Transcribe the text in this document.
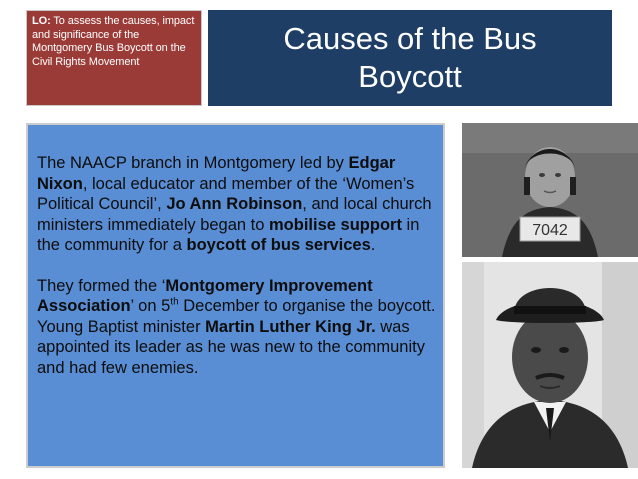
LO: To assess the causes, impact and significance of the Montgomery Bus Boycott on the Civil Rights Movement
Causes of the Bus
Boycott

The NAACP branch in Montgomery led by Edgar Nixon, local educator and member of the ‘Women’s Political Council’, Jo Ann Robinson, and local church ministers immediately began to mobilise support in the community for a boycott of bus services.

They formed the ‘Montgomery Improvement Association’ on 5th December to organise the boycott. Young Baptist minister Martin Luther King Jr. was appointed its leader as he was new to the community and had few enemies.

7042
